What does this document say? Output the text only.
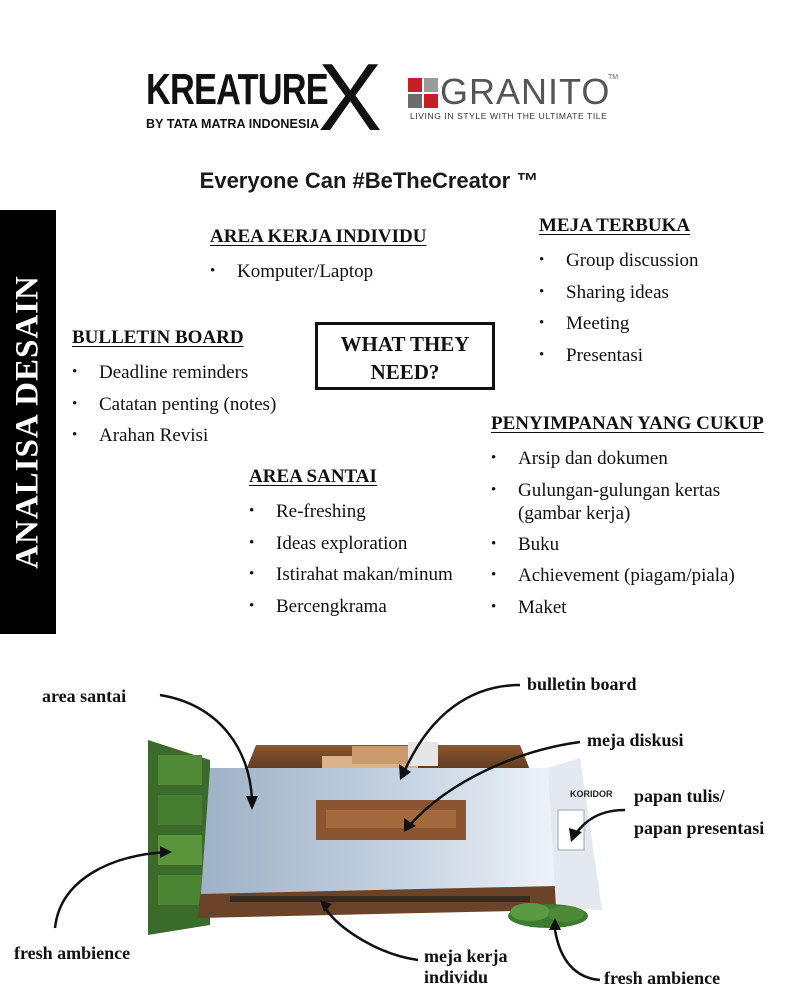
KREATURE
BY TATA MATRA INDONESIA
X GRANITO
TM
LIVING IN STYLE WITH THE ULTIMATE TILE
Everyone Can #BeTheCreator ™
ANALISA DESAIN
AREA KERJA INDIVIDU
• Komputer/Laptop
MEJA TERBUKA
• Group discussion
• Sharing ideas
• Meeting
• Presentasi
BULLETIN BOARD
• Deadline reminders
• Catatan penting (notes)
• Arahan Revisi
WHAT THEY
NEED?
PENYIMPANAN YANG CUKUP
• Arsip dan dokumen
• Gulungan-gulungan kertas (gambar kerja)
• Buku
• Achievement (piagam/piala)
• Maket
AREA SANTAI
• Re-freshing
• Ideas exploration
• Istirahat makan/minum
• Bercengkrama
KORIDOR
area santai
bulletin board
meja diskusi
papan tulis/
papan presentasi
fresh ambience	meja kerja
individu	fresh ambience
